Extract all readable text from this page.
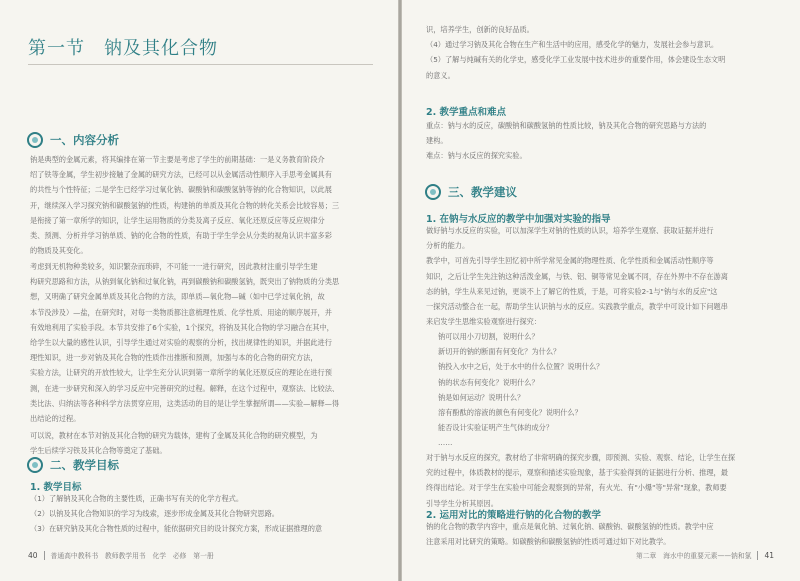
第一节　钠及其化合物
一、内容分析
钠是典型的金属元素，将其编排在第一节主要是考虑了学生的前期基础：一是义务教育阶段介
绍了铁等金属，学生初步接触了金属的研究方法，已经可以从金属活动性顺序入手思考金属具有
的共性与个性特征；二是学生已经学习过氧化钠、碳酸钠和碳酸氢钠等钠的化合物知识，以此展
开，继续深入学习探究钠和碳酸氢钠的性质，构建钠的单质及其化合物的转化关系会比较容易；三
是衔接了第一章所学的知识，让学生运用物质的分类及离子反应、氧化还原反应等反应规律分
类、预测、分析并学习钠单质、钠的化合物的性质，有助于学生学会从分类的视角认识丰富多彩
的物质及其变化。
考虑到无机物种类较多，知识繁杂而琐碎，不可能一一进行研究，因此教材注重引导学生建
构研究思路和方法，从钠到氧化钠和过氧化钠，再到碳酸钠和碳酸氢钠，既突出了钠物质的分类思
想，又明确了研究金属单质及其化合物的方法，即单质—氧化物—碱（如中已学过氧化钠，故
本节没涉及）—盐，在研究时，对每一类物质都注意梳理性质、化学性质、用途的顺序展开，并
有效地利用了实验手段。本节共安排了6个实验，1个探究，将钠及其化合物的学习融合在其中，
给学生以大量的感性认识，引导学生通过对实验的观察的分析，找出规律性的知识，并据此进行
理性知识，进一步对钠及其化合物的性质作出推断和预测，加强与本的化合物的研究方法，
实验方法，让研究的开放性较大，让学生充分认识到第一章所学的氧化还原反应的理论在进行预
测，在进一步研究和深入的学习反应中完善研究的过程。解释，在这个过程中，观察法、比较法、
类比法、归纳法等各种科学方法贯穿应用，这类活动的目的是让学生掌握所谓——实验—解释—得
出结论的过程。
可以说，教材在本节对钠及其化合物的研究为载体，建构了金属及其化合物的研究模型，为
学生后续学习铁及其化合物等奠定了基础。
二、教学目标
1. 教学目标
（1）了解钠及其化合物的主要性质，正确书写有关的化学方程式。
（2）以钠及其化合物知识的学习为线索，逐步形成金属及其化合物研究思路。
（3）在研究钠及其化合物性质的过程中，能依据研究目的设计探究方案，形成证据推理的意
40 普通高中教科书　教师教学用书　化学　必修　第一册
识，培养学生，创新的良好品质。
（4）通过学习钠及其化合物在生产和生活中的应用，感受化学的魅力，发展社会参与意识。
（5）了解与纯碱有关的化学史，感受化学工业发展中技术进步的重要作用，体会建设生态文明
的意义。
2. 教学重点和难点
重点：钠与水的反应，碳酸钠和碳酸氢钠的性质比较，钠及其化合物的研究思路与方法的
建构。
难点：钠与水反应的探究实验。
三、教学建议
1. 在钠与水反应的教学中加强对实验的指导
做好钠与水反应的实验，可以加深学生对钠的性质的认识，培养学生观察、获取证据并进行
分析的能力。
教学中，可首先引导学生回忆初中所学常见金属的物理性质、化学性质和金属活动性顺序等
知识，之后让学生先注钠这种活泼金属，与铁、铝、铜等常见金属不同，存在外界中不存在游离
态的钠，学生从来见过钠，更谈不上了解它的性质，于是，可将实验2-1与"钠与水的反应"这
一探究活动整合在一起，帮助学生认识钠与水的反应。实践教学重点，教学中可设计如下问题串
来启发学生思维实验观察进行探究：
钠可以用小刀切割，说明什么？
新切开的钠的断面有何变化？为什么？
钠投入水中之后，处于水中的什么位置？说明什么？
钠的状态有何变化？说明什么？
钠是如何运动？说明什么？
溶有酚酞的溶液的颜色有何变化？说明什么？
能否设计实验证明产生气体的成分？
……
对于钠与水反应的探究，教材给了非常明确的探究步骤，即预测、实验、观察、结论，让学生在探
究的过程中，体质教材的提示，观察和描述实验现象，基于实验得到的证据进行分析、推理，最
终得出结论。对于学生在实验中可能会观察到的异常，有火光、有"小爆"等"异常"现象，教师要
引导学生分析其原因。
2. 运用对比的策略进行钠的化合物的教学
钠的化合物的教学内容中，重点是氧化钠、过氧化钠、碳酸钠、碳酸氢钠的性质。教学中应
注意采用对比研究的策略。如碳酸钠和碳酸氢钠的性质可通过如下对比教学。
第二章　海水中的重要元素——钠和氯 41
